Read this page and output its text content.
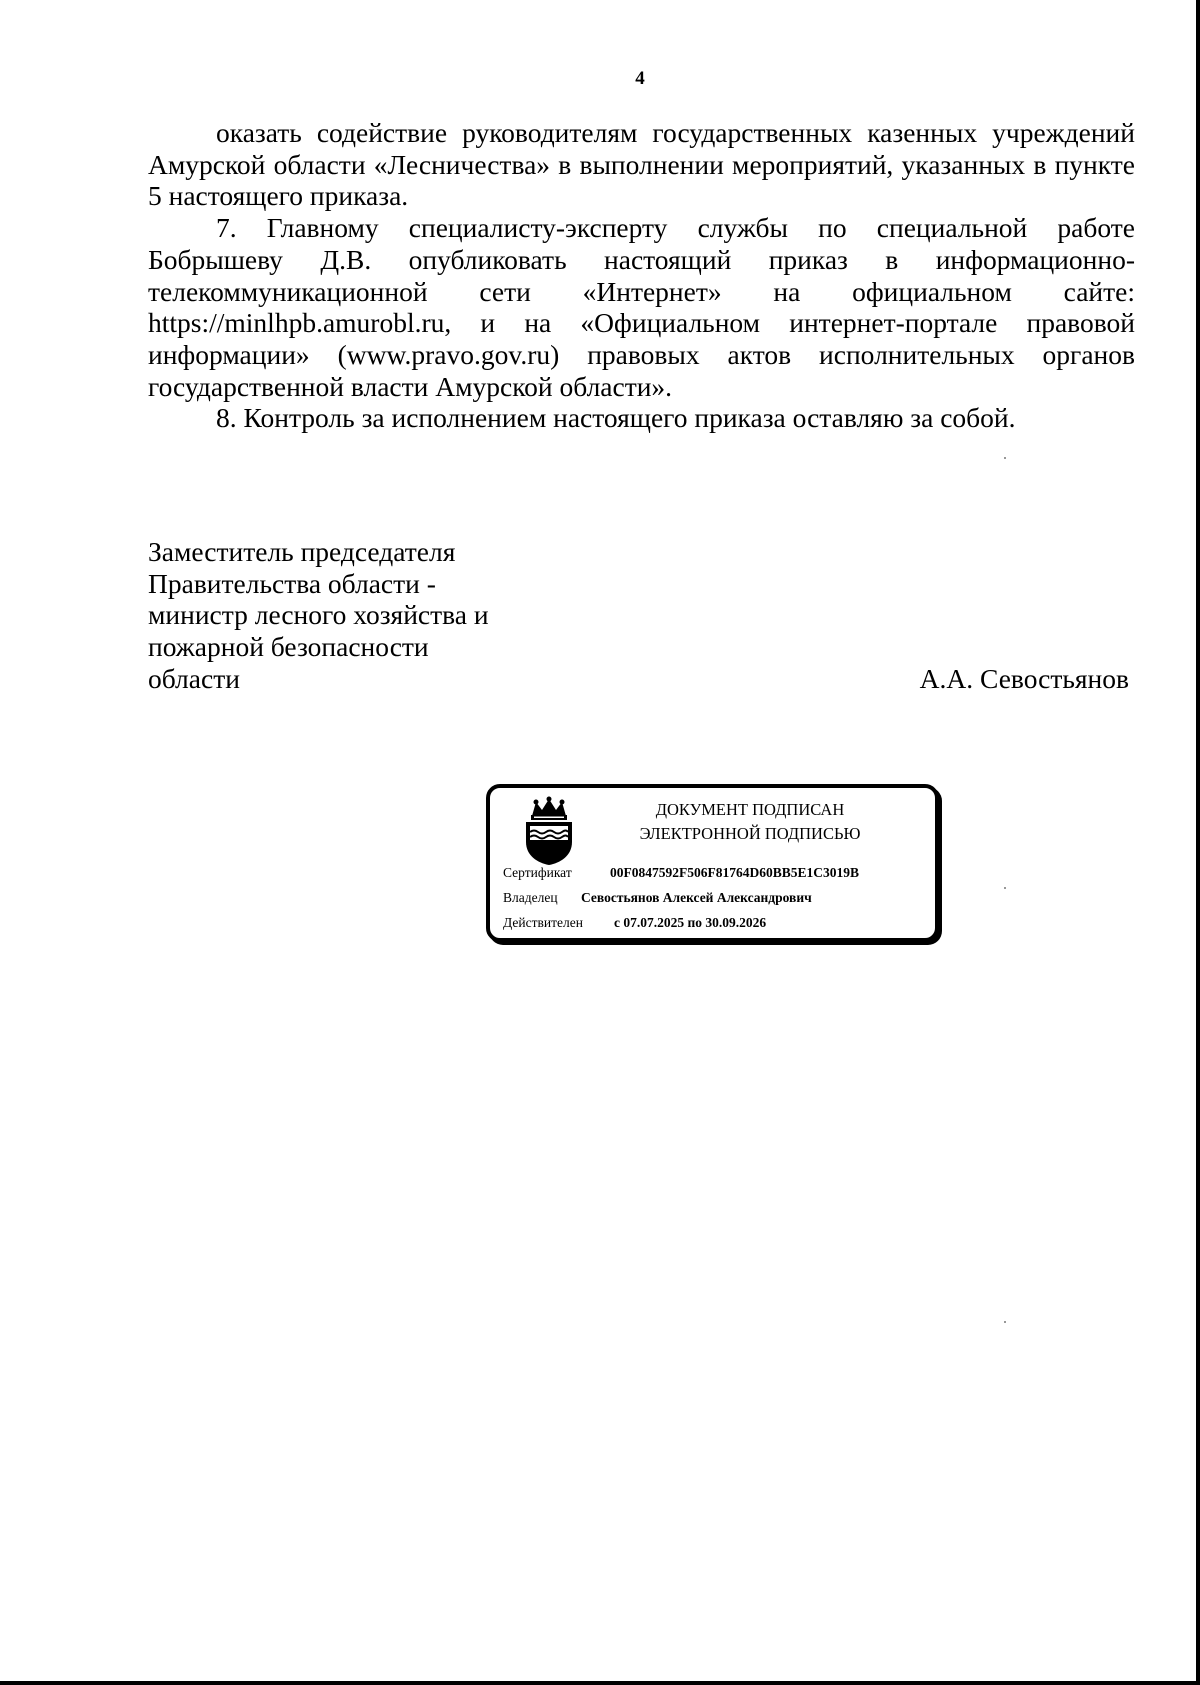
4

оказать содействие руководителям государственных казенных учреждений Амурской области «Лесничества» в выполнении мероприятий, указанных в пункте 5 настоящего приказа.

7. Главному специалисту-эксперту службы по специальной работе Бобрышеву Д.В. опубликовать настоящий приказ в информационно-телекоммуникационной сети «Интернет» на официальном сайте: https://minlhpb.amurobl.ru, и на «Официальном интернет-портале правовой информации» (www.pravo.gov.ru) правовых актов исполнительных органов государственной власти Амурской области».

8. Контроль за исполнением настоящего приказа оставляю за собой.

Заместитель председателя
Правительства области -
министр лесного хозяйства и
пожарной безопасности
области	А.А. Севостьянов
ДОКУМЕНТ ПОДПИСАН
ЭЛЕКТРОННОЙ ПОДПИСЬЮ
Сертификат	00F0847592F506F81764D60BB5E1C3019B
Владелец Севостьянов Алексей Александрович
Действителен с 07.07.2025 по 30.09.2026
